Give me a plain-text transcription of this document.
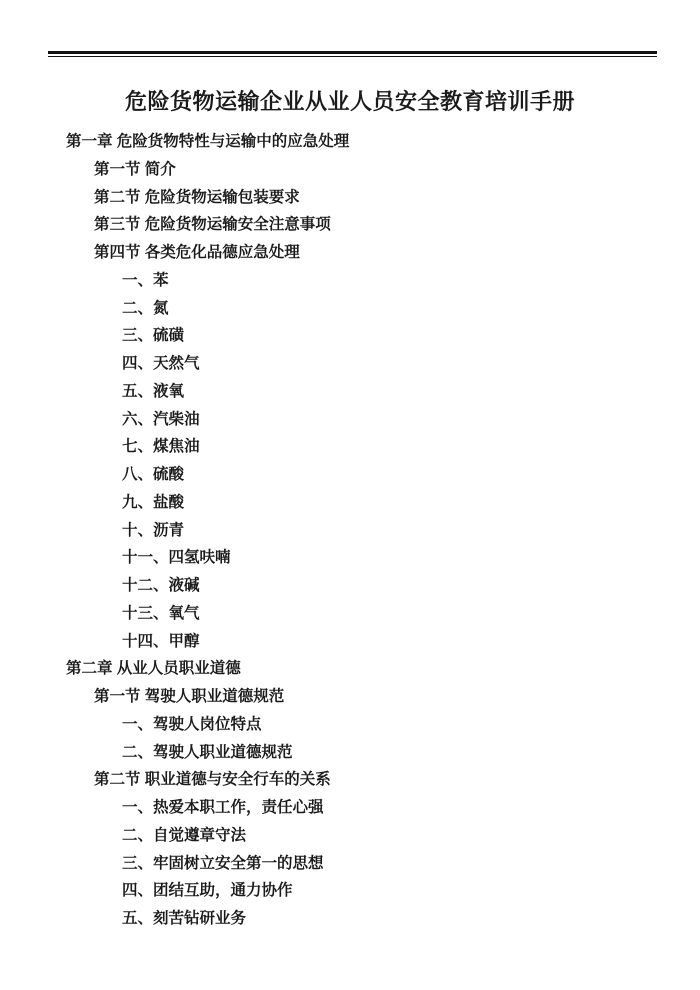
危险货物运输企业从业人员安全教育培训手册
第一章 危险货物特性与运输中的应急处理
第一节 简介
第二节 危险货物运输包装要求
第三节 危险货物运输安全注意事项
第四节 各类危化品德应急处理
一、苯
二、氮
三、硫磺
四、天然气
五、液氧
六、汽柴油
七、煤焦油
八、硫酸
九、盐酸
十、沥青
十一、四氢呋喃
十二、液碱
十三、氧气
十四、甲醇
第二章 从业人员职业道德
第一节 驾驶人职业道德规范
一、驾驶人岗位特点
二、驾驶人职业道德规范
第二节 职业道德与安全行车的关系
一、热爱本职工作，责任心强
二、自觉遵章守法
三、牢固树立安全第一的思想
四、团结互助，通力协作
五、刻苦钻研业务
